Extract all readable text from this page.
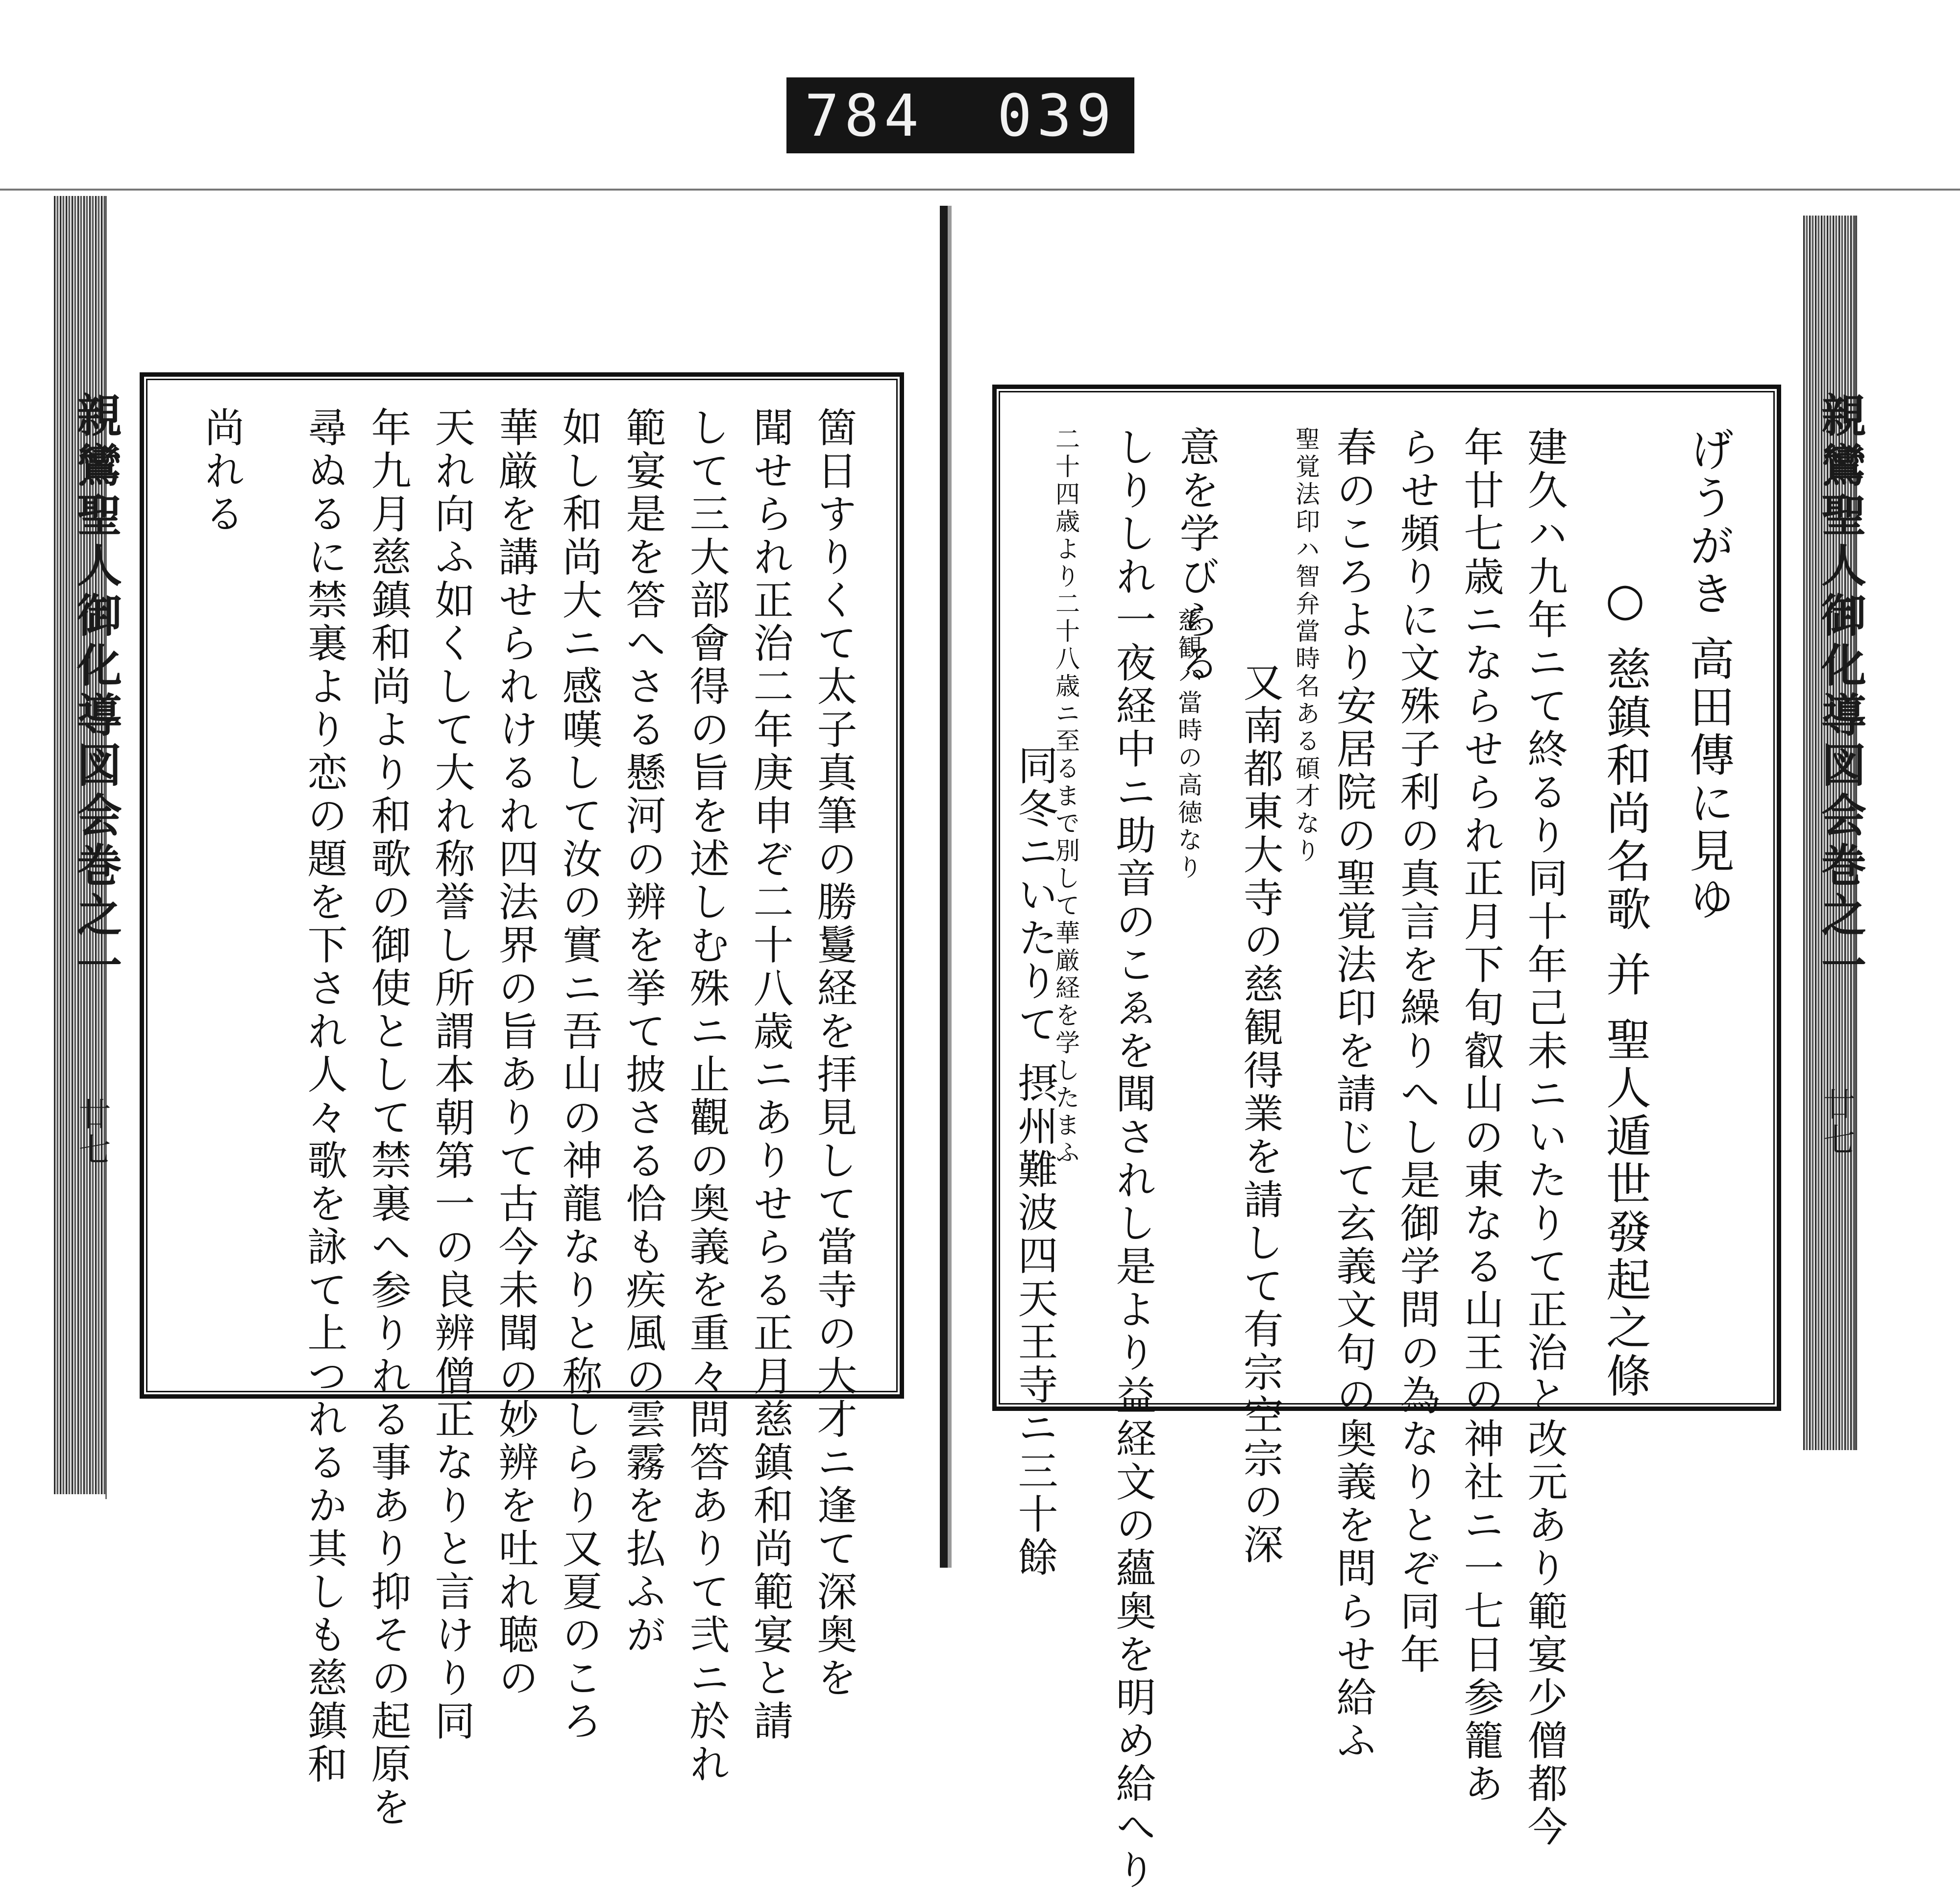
784 039
親鸞聖人御化導図会巻之一
廿七
親鸞聖人御化導図会巻之一
廿七
箇日すりくて太子真筆の勝鬘経を拝見して當寺の大才ニ逢て深奥を
聞せられ正治二年庚申ぞ二十八歳ニありせらる正月慈鎮和尚範宴と請
して三大部會得の旨を述しむ殊ニ止觀の奥義を重々問答ありて弐ニ於れ
範宴是を答へさる懸河の辨を挙て披さる恰も疾風の雲霧を払ふが
如し和尚大ニ感嘆して汝の實ニ吾山の神龍なりと称しらり又夏のころ
華厳を講せられけるれ四法界の旨ありて古今未聞の妙辨を吐れ聴の
天れ向ふ如くして大れ称誉し所謂本朝第一の良辨僧正なりと言けり同
年九月慈鎮和尚より和歌の御使として禁裏へ参りれる事あり抑その起原を
尋ぬるに禁裏より恋の題を下され人々歌を詠て上つれるか其しも慈鎮和
尚れる	げうがき 高田傳に見ゆ
○ 慈鎮和尚名歌 并 聖人遁世發起之條
建久ハ九年ニて終るり同十年己未ニいたりて正治と改元あり範宴少僧都今
年廿七歳ニならせられ正月下旬叡山の東なる山王の神社ニ一七日参籠あ
らせ頻りに文殊子利の真言を繰りへし是御学問の為なりとぞ同年
春のころより安居院の聖覚法印を請じて玄義文句の奥義を問らせ給ふ
聖覚法印ハ智弁當時名ある碩才なり
又南都東大寺の慈観得業を請して有宗空宗の深
意を学びらる
慈観ハ當時の高徳なり
しりしれ一夜経中ニ助音のこゑを聞されし是より益経文の蘊奥を明め給へり
二十四歳より二十八歳ニ至るまで別して華厳経を学したまふ
同冬ニいたりて 摂州難波四天王寺ニ三十餘
